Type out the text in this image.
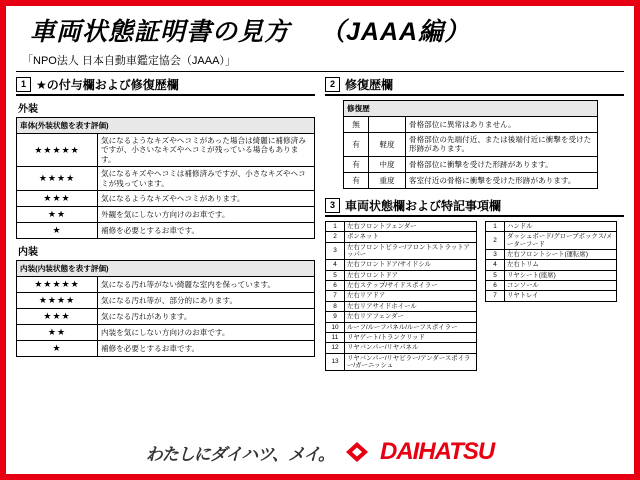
車両状態証明書の見方 （JAAA編）
「NPO法人 日本自動車鑑定協会（JAAA）」
1 ★の付与欄および修復歴欄
外装
車体(外装状態を表す評価)	
★★★★★	気になるようなキズやヘコミがあった場合は綺麗に補修済みですが、小さいなキズやヘコミが残っている場合もあります。
★★★★	気になるキズやヘコミは補修済みですが、小さなキズやヘコミが残っています。
★★★	気になるようなキズやヘコミがあります。
★★	外観を気にしない方向けのお車です。
★	補修を必要とするお車です。
内装
内装(内装状態を表す評価)	
★★★★★	気になる汚れ等がない綺麗な室内を保っています。
★★★★	気になる汚れ等が、部分的にあります。
★★★	気になる汚れがあります。
★★	内装を気にしない方向けのお車です。
★	補修を必要とするお車です。
2 修復歴欄
修復歴		
無		骨格部位に異常はありません。
有	軽度	骨格部位の先端付近、または後端付近に衝撃を受けた形跡があります。
有	中度	骨格部位に衝撃を受けた形跡があります。
有	重度	客室付近の骨格に衝撃を受けた形跡があります。
3 車両状態欄および特記事項欄
1	左右フロントフェンダー
2	ボンネット
3	左右フロントピラー/フロントストラットアッパー
4	左右フロントドア/サイドシル
5	左右フロントドア
6	左右ステップ/サイドスポイラー
7	左右リアドア
8	左右リアサイドホイール
9	左右リアフェンダー
10	ルーフ/ルーフパネル/ルーフスポイラー
11	リヤゲート/トランクリッド
12	リヤバンパー/リヤパネル
13	リヤバンパー/リヤピラー/アンダースポイラー/ガーニッシュ
1	ハンドル
2	ダッシュボード/グローブボックス/メーターフード
3	左右フロントシート(運転席)
4	左右トリム
5	リヤシート(座席)
6	コンソール
7	リヤトレイ
わたしにダイハツ、メイ。 DAIHATSU
